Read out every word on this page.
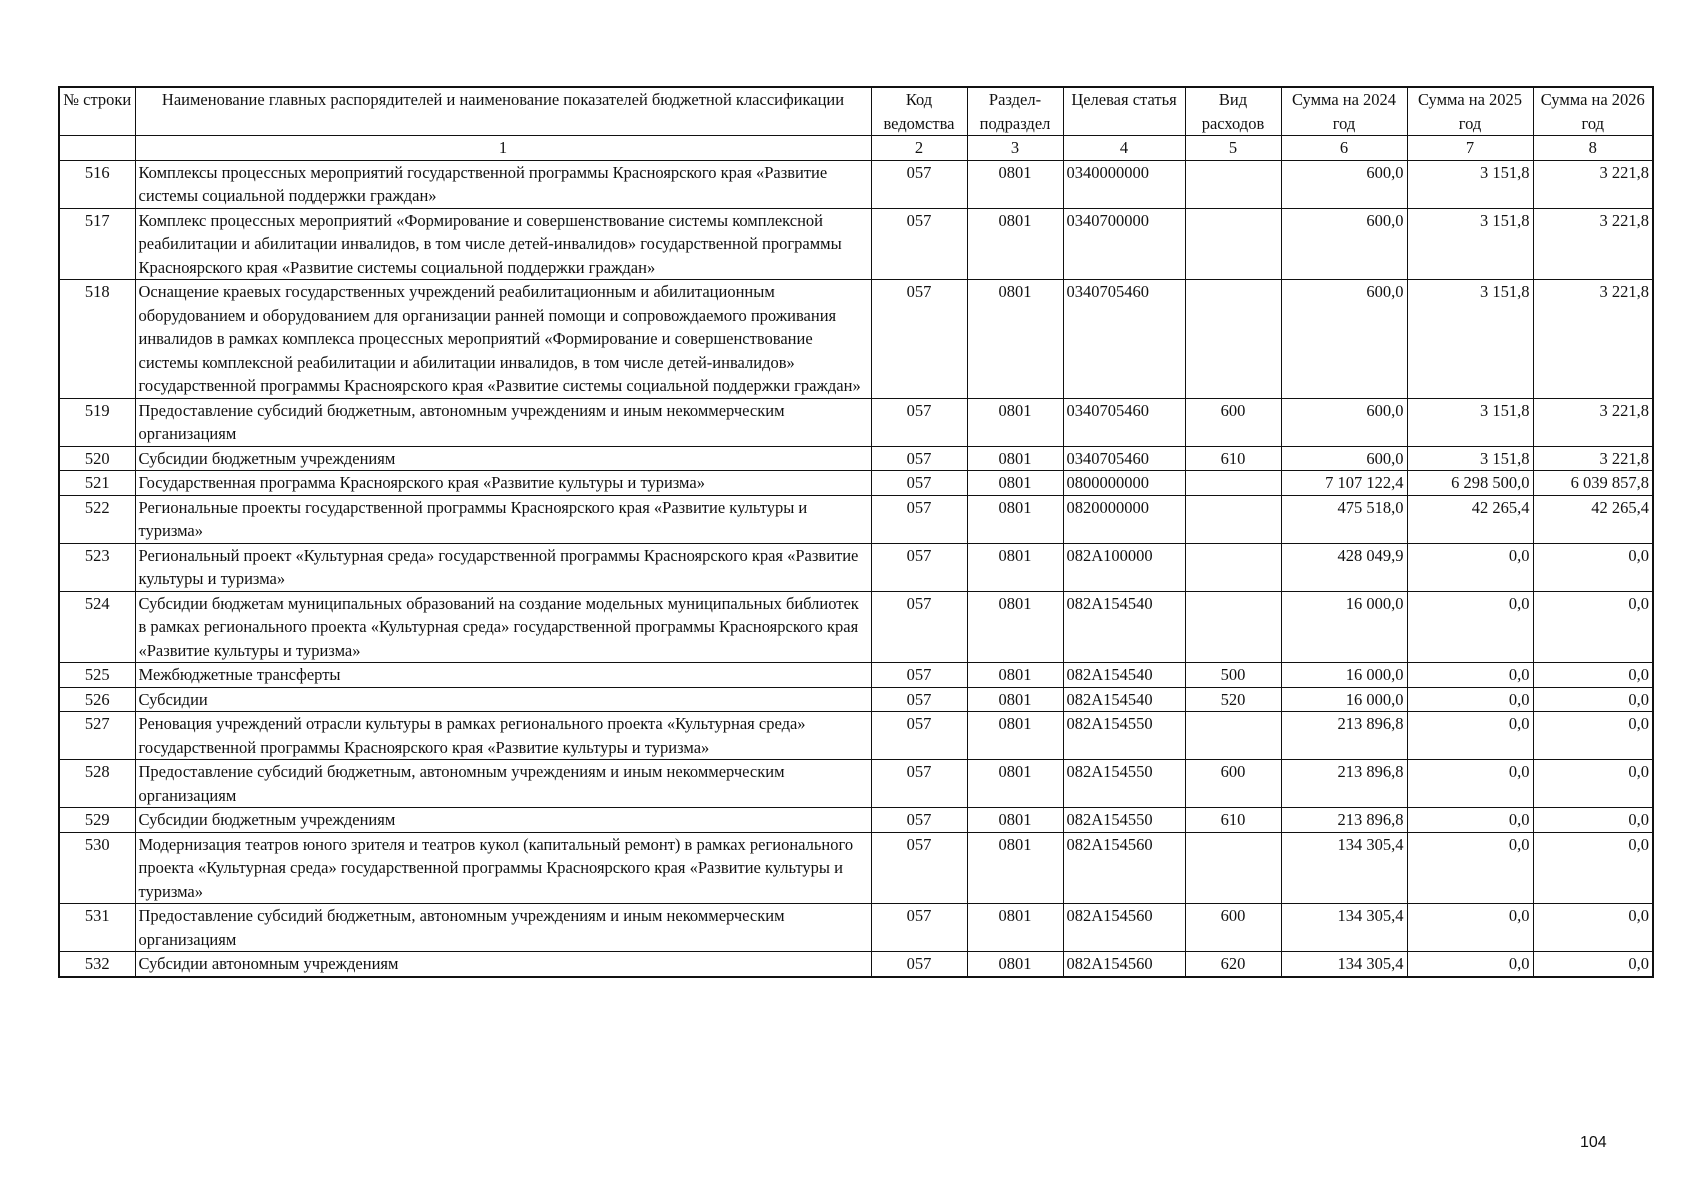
№ строки	Наименование главных распорядителей и наименование показателей бюджетной классификации	Код ведомства	Раздел-подраздел	Целевая статья	Вид расходов	Сумма на 2024 год	Сумма на 2025 год	Сумма на 2026 год
	1	2	3	4	5	6	7	8
516	Комплексы процессных мероприятий государственной программы Красноярского края «Развитие системы социальной поддержки граждан»	057	0801	0340000000		600,0	3 151,8	3 221,8
517	Комплекс процессных мероприятий «Формирование и совершенствование системы комплексной реабилитации и абилитации инвалидов, в том числе детей-инвалидов» государственной программы Красноярского края «Развитие системы социальной поддержки граждан»	057	0801	0340700000		600,0	3 151,8	3 221,8
518	Оснащение краевых государственных учреждений реабилитационным и абилитационным оборудованием и оборудованием для организации ранней помощи и сопровождаемого проживания инвалидов в рамках комплекса процессных мероприятий «Формирование и совершенствование системы комплексной реабилитации и абилитации инвалидов, в том числе детей-инвалидов» государственной программы Красноярского края «Развитие системы социальной поддержки граждан»	057	0801	0340705460		600,0	3 151,8	3 221,8
519	Предоставление субсидий бюджетным, автономным учреждениям и иным некоммерческим организациям	057	0801	0340705460	600	600,0	3 151,8	3 221,8
520	Субсидии бюджетным учреждениям	057	0801	0340705460	610	600,0	3 151,8	3 221,8
521	Государственная программа Красноярского края «Развитие культуры и туризма»	057	0801	0800000000		7 107 122,4	6 298 500,0	6 039 857,8
522	Региональные проекты государственной программы Красноярского края «Развитие культуры и туризма»	057	0801	0820000000		475 518,0	42 265,4	42 265,4
523	Региональный проект «Культурная среда» государственной программы Красноярского края «Развитие культуры и туризма»	057	0801	082A100000		428 049,9	0,0	0,0
524	Субсидии бюджетам муниципальных образований на создание модельных муниципальных библиотек в рамках регионального проекта «Культурная среда» государственной программы Красноярского края «Развитие культуры и туризма»	057	0801	082A154540		16 000,0	0,0	0,0
525	Межбюджетные трансферты	057	0801	082A154540	500	16 000,0	0,0	0,0
526	Субсидии	057	0801	082A154540	520	16 000,0	0,0	0,0
527	Реновация учреждений отрасли культуры в рамках регионального проекта «Культурная среда» государственной программы Красноярского края «Развитие культуры и туризма»	057	0801	082A154550		213 896,8	0,0	0,0
528	Предоставление субсидий бюджетным, автономным учреждениям и иным некоммерческим организациям	057	0801	082A154550	600	213 896,8	0,0	0,0
529	Субсидии бюджетным учреждениям	057	0801	082A154550	610	213 896,8	0,0	0,0
530	Модернизация театров юного зрителя и театров кукол (капитальный ремонт) в рамках регионального проекта «Культурная среда» государственной программы Красноярского края «Развитие культуры и туризма»	057	0801	082A154560		134 305,4	0,0	0,0
531	Предоставление субсидий бюджетным, автономным учреждениям и иным некоммерческим организациям	057	0801	082A154560	600	134 305,4	0,0	0,0
532	Субсидии автономным учреждениям	057	0801	082A154560	620	134 305,4	0,0	0,0
104
